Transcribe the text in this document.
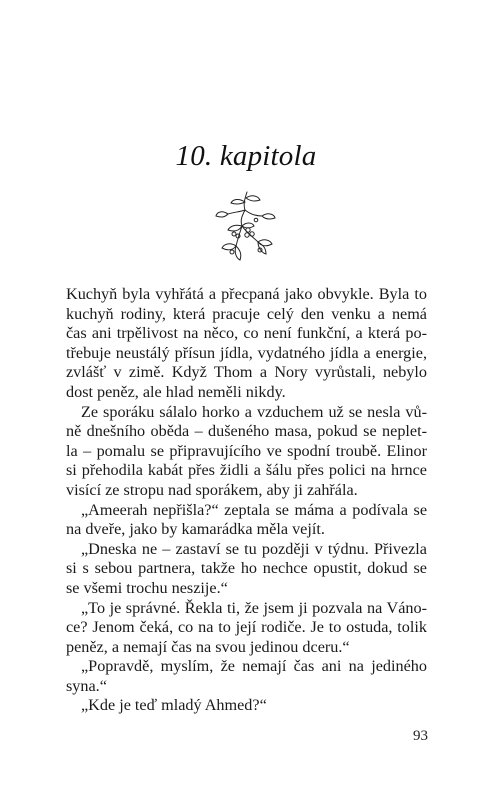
10. kapitola
Kuchyň byla vyhřátá a přecpaná jako obvykle. Byla to
kuchyň rodiny, která pracuje celý den venku a nemá
čas ani trpělivost na něco, co není funkční, a která po-
třebuje neustálý přísun jídla, vydatného jídla a energie,
zvlášť v zimě. Když Thom a Nory vyrůstali, nebylo
dost peněz, ale hlad neměli nikdy.
Ze sporáku sálalo horko a vzduchem už se nesla vů-
ně dnešního oběda – dušeného masa, pokud se neplet-
la – pomalu se připravujícího ve spodní troubě. Elinor
si přehodila kabát přes židli a šálu přes polici na hrnce
visící ze stropu nad sporákem, aby ji zahřála.
„Ameerah nepřišla?“ zeptala se máma a podívala se
na dveře, jako by kamarádka měla vejít.
„Dneska ne – zastaví se tu později v týdnu. Přivezla
si s sebou partnera, takže ho nechce opustit, dokud se
se všemi trochu neszije.“
„To je správné. Řekla ti, že jsem ji pozvala na Váno-
ce? Jenom čeká, co na to její rodiče. Je to ostuda, tolik
peněz, a nemají čas na svou jedinou dceru.“
„Popravdě, myslím, že nemají čas ani na jediného
syna.“
„Kde je teď mladý Ahmed?“
93
